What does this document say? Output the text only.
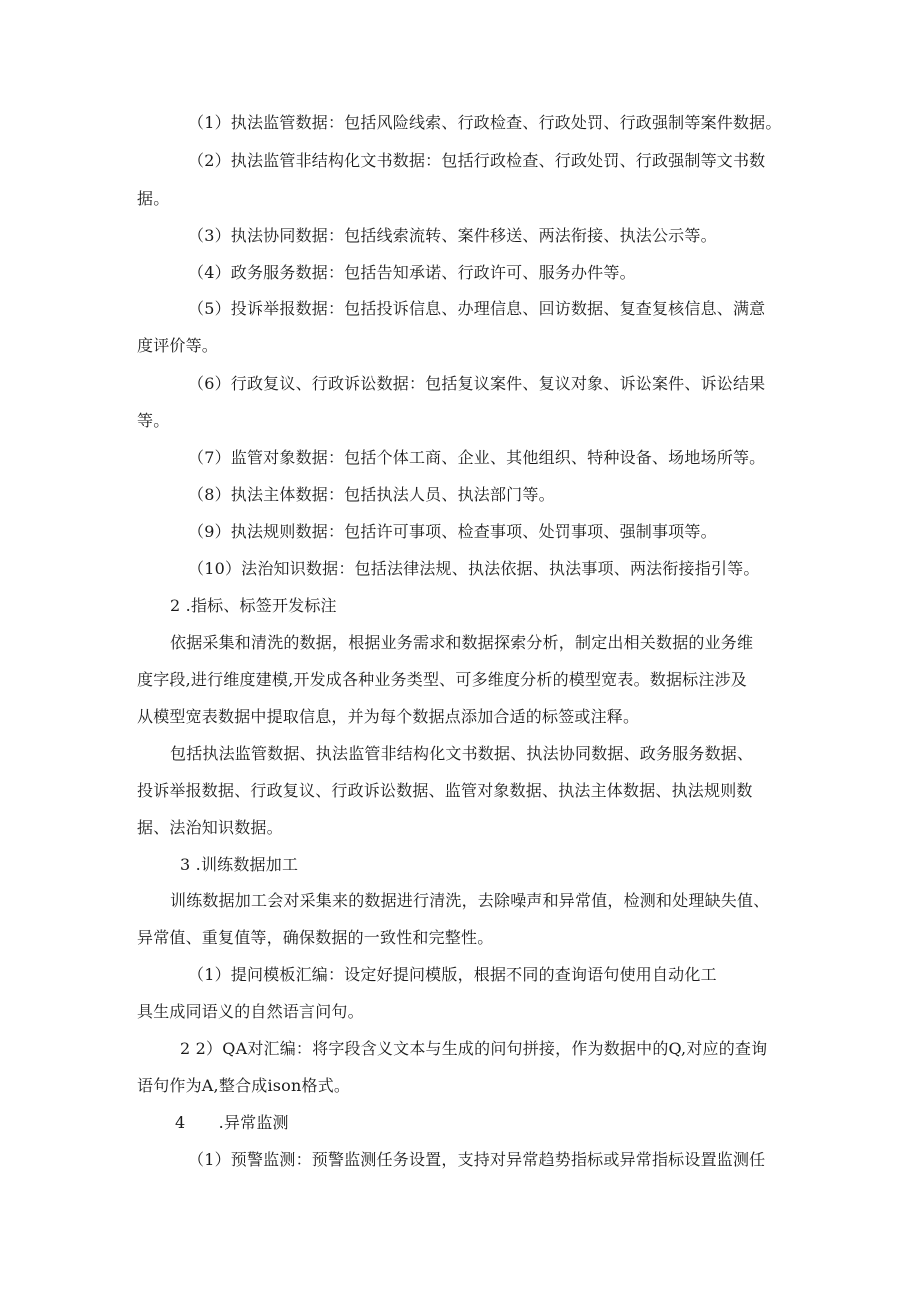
（1）执法监管数据：包括风险线索、行政检查、行政处罚、行政强制等案件数据。
（2）执法监管非结构化文书数据：包括行政检查、行政处罚、行政强制等文书数
据。
（3）执法协同数据：包括线索流转、案件移送、两法衔接、执法公示等。
（4）政务服务数据：包括告知承诺、行政许可、服务办件等。
（5）投诉举报数据：包括投诉信息、办理信息、回访数据、复查复核信息、满意
度评价等。
（6）行政复议、行政诉讼数据：包括复议案件、复议对象、诉讼案件、诉讼结果
等。
（7）监管对象数据：包括个体工商、企业、其他组织、特种设备、场地场所等。
（8）执法主体数据：包括执法人员、执法部门等。
（9）执法规则数据：包括许可事项、检查事项、处罚事项、强制事项等。
（10）法治知识数据：包括法律法规、执法依据、执法事项、两法衔接指引等。
2 .指标、标签开发标注
依据采集和清洗的数据，根据业务需求和数据探索分析，制定出相关数据的业务维
度字段,进行维度建模,开发成各种业务类型、可多维度分析的模型宽表。数据标注涉及
从模型宽表数据中提取信息，并为每个数据点添加合适的标签或注释。
包括执法监管数据、执法监管非结构化文书数据、执法协同数据、政务服务数据、
投诉举报数据、行政复议、行政诉讼数据、监管对象数据、执法主体数据、执法规则数
据、法治知识数据。
3 .训练数据加工
训练数据加工会对采集来的数据进行清洗，去除噪声和异常值，检测和处理缺失值、
异常值、重复值等，确保数据的一致性和完整性。
（1）提问模板汇编：设定好提问模版，根据不同的查询语句使用自动化工
具生成同语义的自然语言问句。
2 2）QA对汇编：将字段含义文本与生成的问句拼接，作为数据中的Q,对应的查询
语句作为A,整合成ison格式。
4 .异常监测
（1）预警监测：预警监测任务设置，支持对异常趋势指标或异常指标设置监测任
